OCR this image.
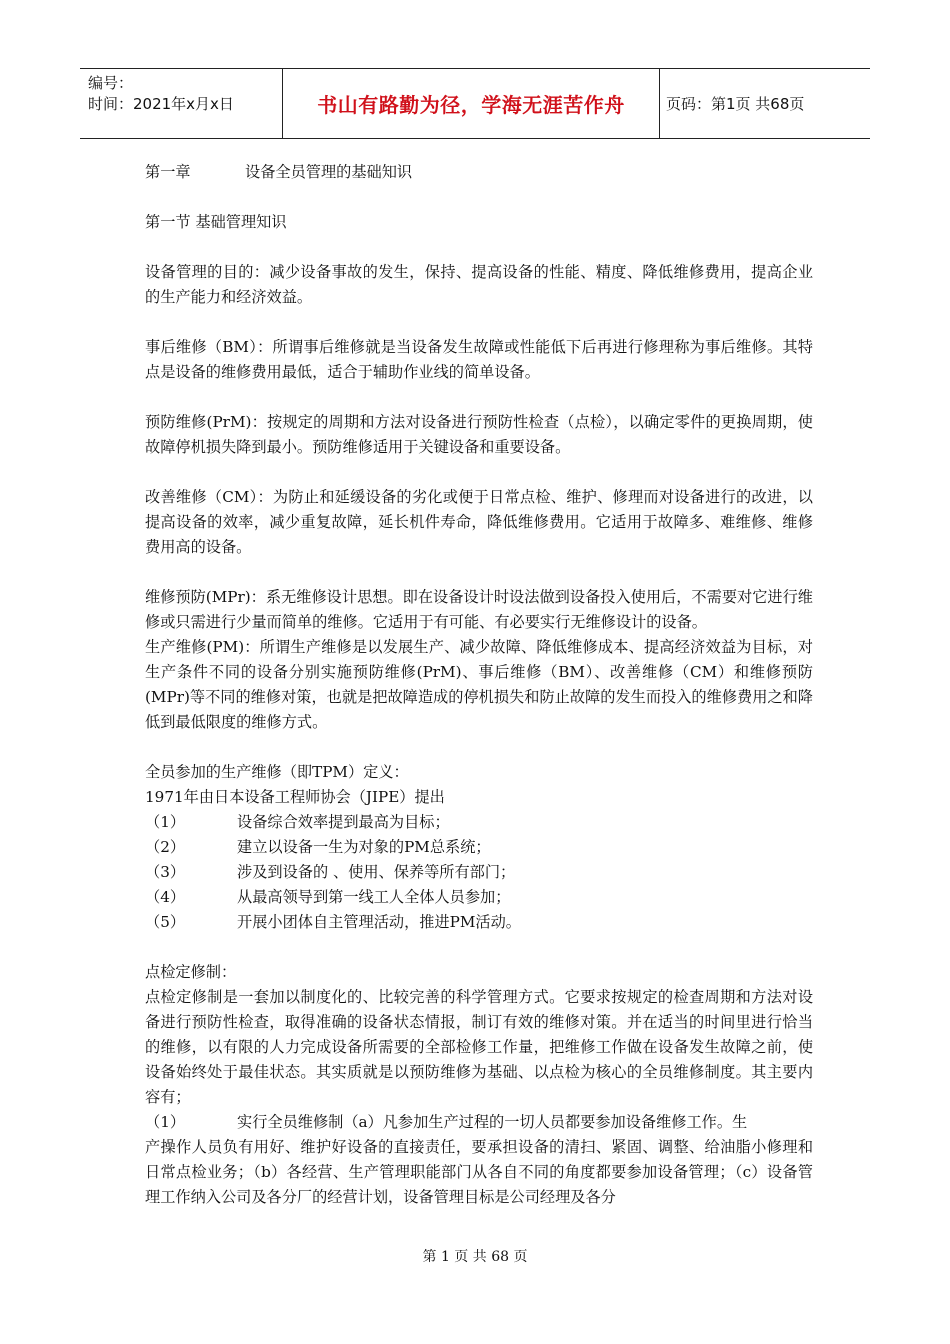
编号：
时间：2021年x月x日	书山有路勤为径，学海无涯苦作舟	页码：第1页 共68页
第一章	设备全员管理的基础知识

第一节 基础管理知识

设备管理的目的：减少设备事故的发生，保持、提高设备的性能、精度、降低维修费用，提高企业的生产能力和经济效益。

事后维修（BM）：所谓事后维修就是当设备发生故障或性能低下后再进行修理称为事后维修。其特点是设备的维修费用最低，适合于辅助作业线的简单设备。

预防维修(PrM)：按规定的周期和方法对设备进行预防性检查（点检），以确定零件的更换周期，使故障停机损失降到最小。预防维修适用于关键设备和重要设备。

改善维修（CM）：为防止和延缓设备的劣化或便于日常点检、维护、修理而对设备进行的改进，以提高设备的效率，减少重复故障，延长机件寿命，降低维修费用。它适用于故障多、难维修、维修费用高的设备。

维修预防(MPr)：系无维修设计思想。即在设备设计时设法做到设备投入使用后，不需要对它进行维修或只需进行少量而简单的维修。它适用于有可能、有必要实行无维修设计的设备。

生产维修(PM)：所谓生产维修是以发展生产、减少故障、降低维修成本、提高经济效益为目标，对生产条件不同的设备分别实施预防维修(PrM)、事后维修（BM）、改善维修（CM）和维修预防(MPr)等不同的维修对策，也就是把故障造成的停机损失和防止故障的发生而投入的维修费用之和降低到最低限度的维修方式。

全员参加的生产维修（即TPM）定义：

1971年由日本设备工程师协会（JIPE）提出

（1）	设备综合效率提到最高为目标；
（2）	建立以设备一生为对象的PM总系统；
（3）	涉及到设备的 、使用、保养等所有部门；
（4）	从最高领导到第一线工人全体人员参加；
（5）	开展小团体自主管理活动，推进PM活动。

点检定修制：

点检定修制是一套加以制度化的、比较完善的科学管理方式。它要求按规定的检查周期和方法对设备进行预防性检查，取得准确的设备状态情报，制订有效的维修对策。并在适当的时间里进行恰当的维修，以有限的人力完成设备所需要的全部检修工作量，把维修工作做在设备发生故障之前，使设备始终处于最佳状态。其实质就是以预防维修为基础、以点检为核心的全员维修制度。其主要内容有；

（1）	实行全员维修制（a）凡参加生产过程的一切人员都要参加设备维修工作。生

产操作人员负有用好、维护好设备的直接责任，要承担设备的清扫、紧固、调整、给油脂小修理和日常点检业务；（b）各经营、生产管理职能部门从各自不同的角度都要参加设备管理；（c）设备管理工作纳入公司及各分厂的经营计划，设备管理目标是公司经理及各分

第 1 页 共 68 页
